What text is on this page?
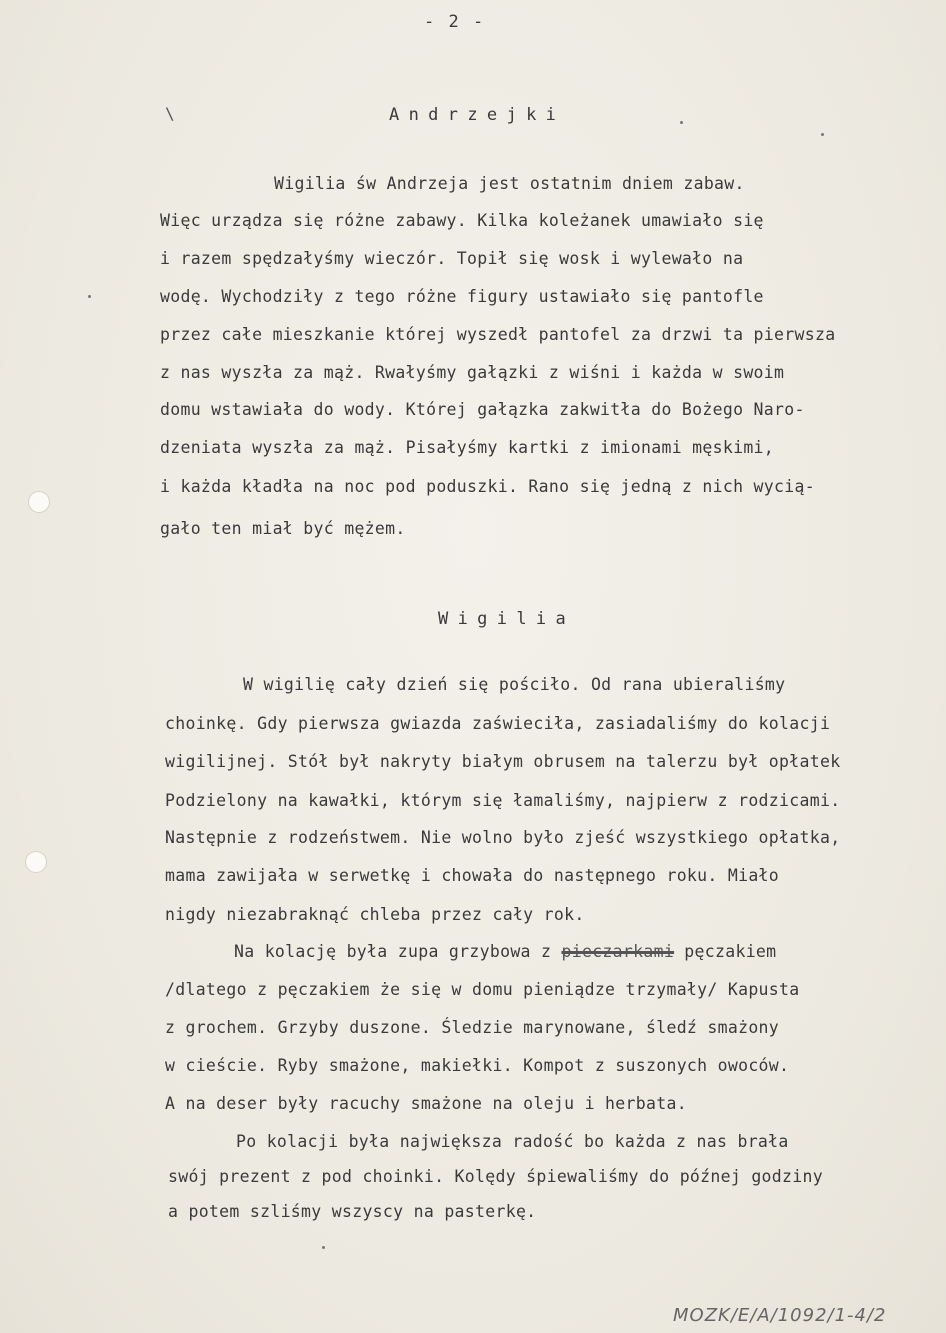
- 2 -
\	Andrzejki
Wigilia św Andrzeja jest ostatnim dniem zabaw.
Więc urządza się różne zabawy. Kilka koleżanek umawiało się
i razem spędzałyśmy wieczór. Topił się wosk i wylewało na
wodę. Wychodziły z tego różne figury ustawiało się pantofle
przez całe mieszkanie której wyszedł pantofel za drzwi ta pierwsza
z nas wyszła za mąż. Rwałyśmy gałązki z wiśni i każda w swoim
domu wstawiała do wody. Której gałązka zakwitła do Bożego Naro-
dzeniata wyszła za mąż. Pisałyśmy kartki z imionami męskimi,
i każda kładła na noc pod poduszki. Rano się jedną z nich wycią-
gało ten miał być mężem.
Wigilia
W wigilię cały dzień się pościło. Od rana ubieraliśmy
choinkę. Gdy pierwsza gwiazda zaświeciła, zasiadaliśmy do kolacji
wigilijnej. Stół był nakryty białym obrusem na talerzu był opłatek
Podzielony na kawałki, którym się łamaliśmy, najpierw z rodzicami.
Następnie z rodzeństwem. Nie wolno było zjeść wszystkiego opłatka,
mama zawijała w serwetkę i chowała do następnego roku. Miało
nigdy niezabraknąć chleba przez cały rok.
Na kolację była zupa grzybowa z pieczarkami pęczakiem
/dlatego z pęczakiem że się w domu pieniądze trzymały/ Kapusta
z grochem. Grzyby duszone. Śledzie marynowane, śledź smażony
w cieście. Ryby smażone, makiełki. Kompot z suszonych owoców.
A na deser były racuchy smażone na oleju i herbata.
Po kolacji była największa radość bo każda z nas brała
swój prezent z pod choinki. Kolędy śpiewaliśmy do późnej godziny
a potem szliśmy wszyscy na pasterkę.
MOZK/E/A/1092/1-4/2
